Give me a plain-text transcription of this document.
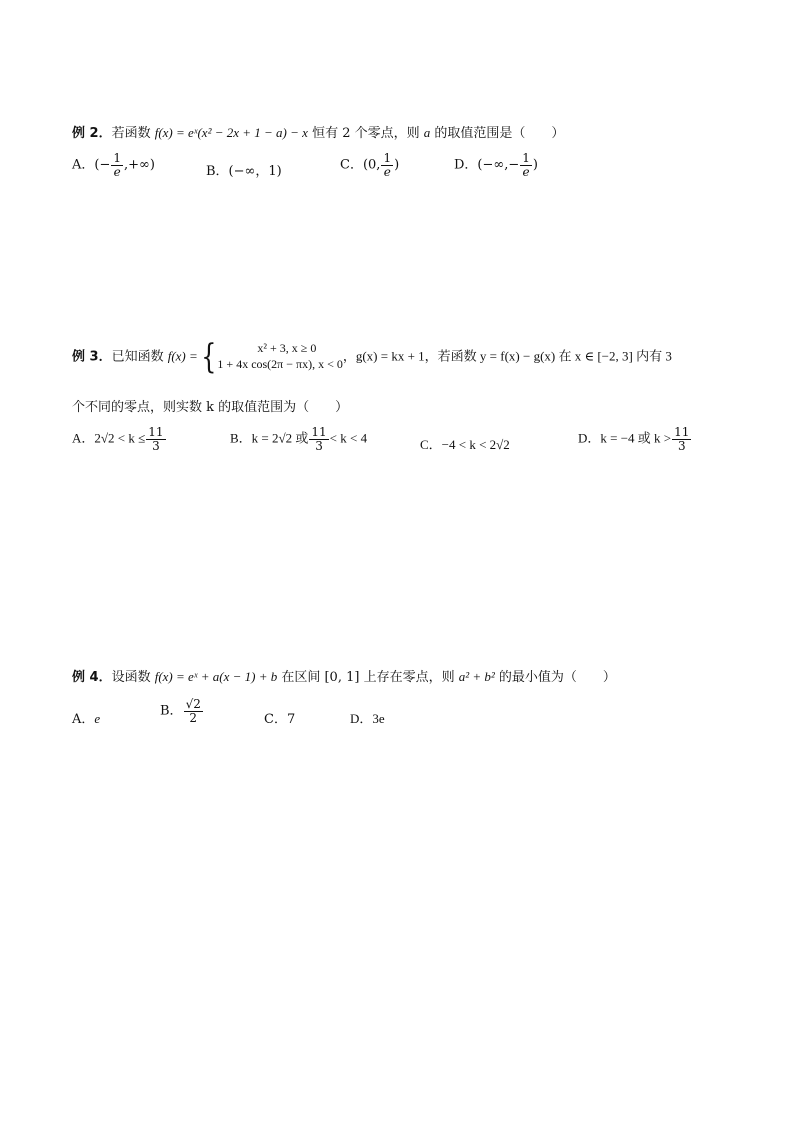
例 2．若函数 f(x) = eˣ(x² − 2x + 1 − a) − x 恒有 2 个零点，则 a 的取值范围是（　　）
A．(− $\frac{1}{e}$ ,+∞)	B．(−∞，1)	C．(0, $\frac{1}{e}$ )	D．(−∞,− $\frac{1}{e}$ )
例 3．已知函数 f(x) ={	x² + 3, x ≥ 0
1 + 4x cos(2π − πx), x < 0
，g(x) = kx + 1，若函数 y = f(x) − g(x) 在 x ∈ [−2, 3] 内有 3
个不同的零点，则实数 k 的取值范围为（　　）
A．$2√2 < k \le \frac{11}{3}$	B．k = 2√2 或 $\frac{11}{3} < k < 4$	C．−4 < k < 2√2	D．k = −4 或 $k > \frac{11}{3}$
例 4．设函数 f(x) = eˣ + a(x − 1) + b 在区间 [0, 1] 上存在零点，则 a² + b² 的最小值为（　　）
A．e	B． $\frac{√2}{2}$	C．7	D．3e
